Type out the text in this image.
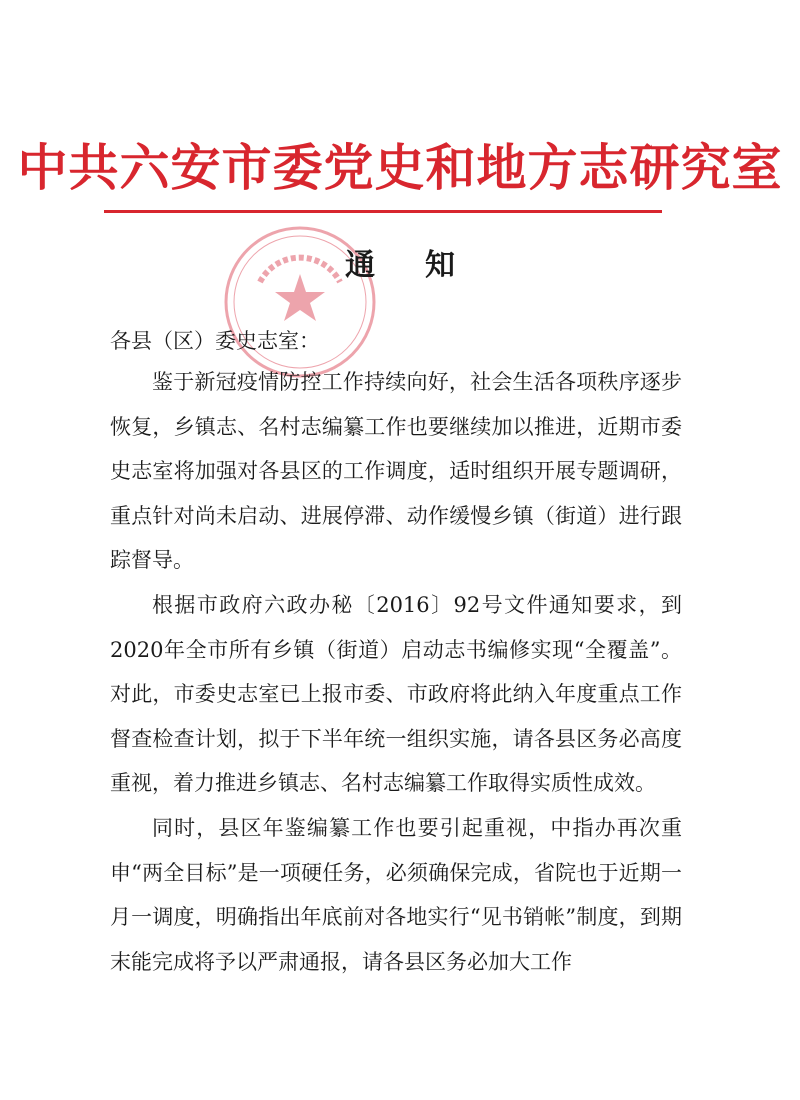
中共六安市委党史和地方志研究室
通知
各县（区）委史志室：

鉴于新冠疫情防控工作持续向好，社会生活各项秩序逐步恢复，乡镇志、名村志编纂工作也要继续加以推进，近期市委史志室将加强对各县区的工作调度，适时组织开展专题调研，重点针对尚未启动、进展停滞、动作缓慢乡镇（街道）进行跟踪督导。

根据市政府六政办秘〔2016〕92号文件通知要求，到2020年全市所有乡镇（街道）启动志书编修实现“全覆盖”。对此，市委史志室已上报市委、市政府将此纳入年度重点工作督查检查计划，拟于下半年统一组织实施，请各县区务必高度重视，着力推进乡镇志、名村志编纂工作取得实质性成效。

同时，县区年鉴编纂工作也要引起重视，中指办再次重申“两全目标”是一项硬任务，必须确保完成，省院也于近期一月一调度，明确指出年底前对各地实行“见书销帐”制度，到期末能完成将予以严肃通报，请各县区务必加大工作
